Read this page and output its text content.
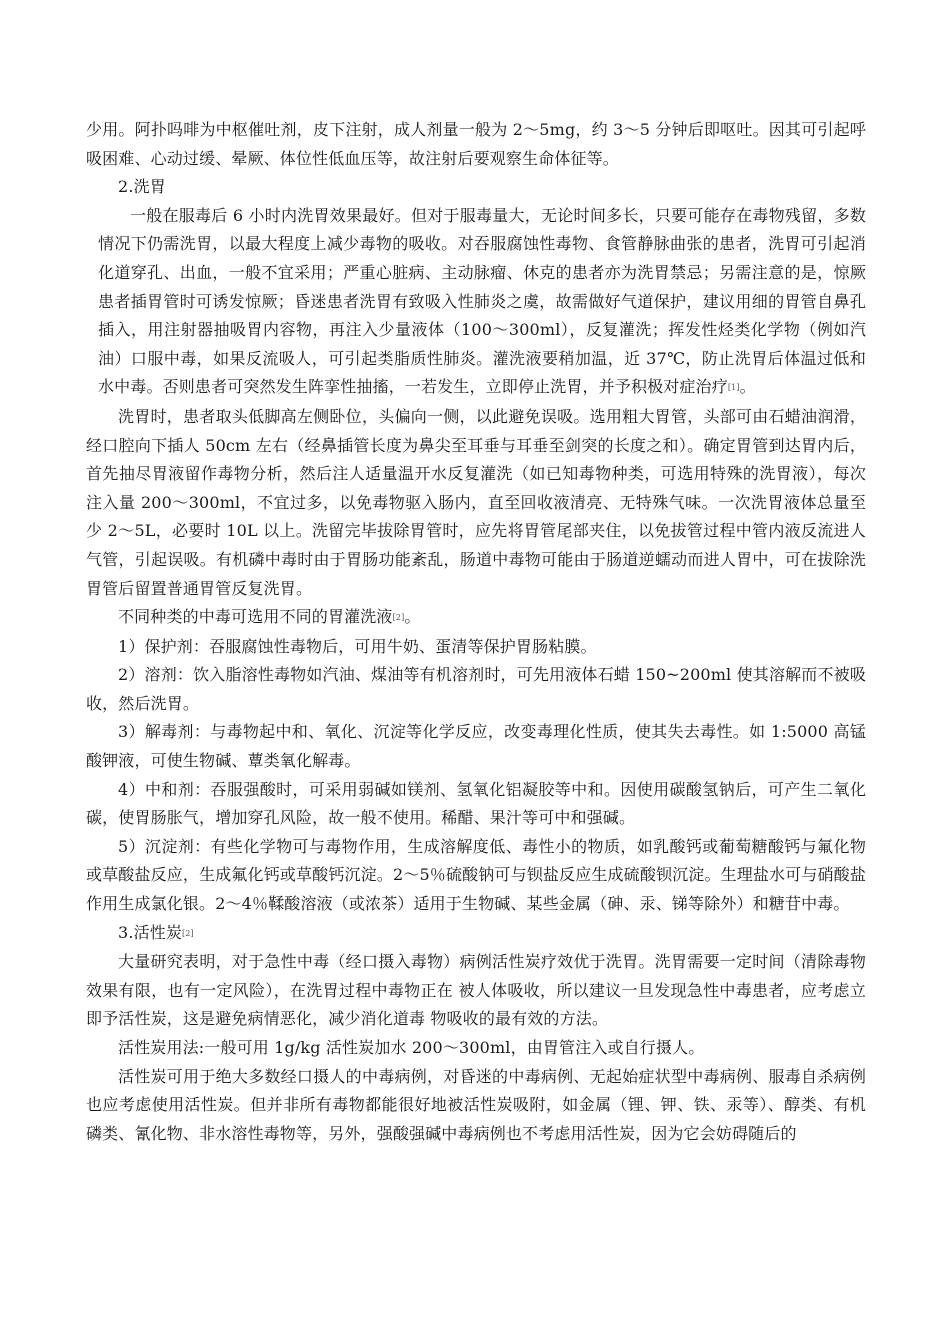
少用。阿扑吗啡为中枢催吐剂，皮下注射，成人剂量一般为 2～5mg，约 3～5 分钟后即呕吐。因其可引起呼吸困难、心动过缓、晕厥、体位性低血压等，故注射后要观察生命体征等。

2.洗胃

一般在服毒后 6 小时内洗胃效果最好。但对于服毒量大，无论时间多长，只要可能存在毒物残留，多数情况下仍需洗胃，以最大程度上减少毒物的吸收。对吞服腐蚀性毒物、食管静脉曲张的患者，洗胃可引起消化道穿孔、出血，一般不宜采用；严重心脏病、主动脉瘤、休克的患者亦为洗胃禁忌；另需注意的是，惊厥患者插胃管时可诱发惊厥；昏迷患者洗胃有致吸入性肺炎之虞，故需做好气道保护，建议用细的胃管自鼻孔插入，用注射器抽吸胃内容物，再注入少量液体（100～300ml），反复灌洗；挥发性烃类化学物（例如汽油）口服中毒，如果反流吸人，可引起类脂质性肺炎。灌洗液要稍加温，近 37℃，防止洗胃后体温过低和水中毒。否则患者可突然发生阵挛性抽搐，一若发生，立即停止洗胃，并予积极对症治疗[1]。

洗胃时，患者取头低脚高左侧卧位，头偏向一侧，以此避免误吸。选用粗大胃管，头部可由石蜡油润滑，经口腔向下插人 50cm 左右（经鼻插管长度为鼻尖至耳垂与耳垂至剑突的长度之和）。确定胃管到达胃内后，首先抽尽胃液留作毒物分析，然后注人适量温开水反复灌洗（如已知毒物种类，可选用特殊的洗胃液），每次注入量 200～300ml，不宜过多，以免毒物驱入肠内，直至回收液清亮、无特殊气味。一次洗胃液体总量至少 2～5L，必要时 10L 以上。洗留完毕拔除胃管时，应先将胃管尾部夹住，以免拔管过程中管内液反流进人气管，引起误吸。有机磷中毒时由于胃肠功能紊乱，肠道中毒物可能由于肠道逆蠕动而进人胃中，可在拔除洗胃管后留置普通胃管反复洗胃。

不同种类的中毒可选用不同的胃灌洗液[2]。

1）保护剂：吞服腐蚀性毒物后，可用牛奶、蛋清等保护胃肠粘膜。

2）溶剂：饮入脂溶性毒物如汽油、煤油等有机溶剂时，可先用液体石蜡 150~200ml 使其溶解而不被吸收，然后洗胃。

3）解毒剂：与毒物起中和、氧化、沉淀等化学反应，改变毒理化性质，使其失去毒性。如 1:5000 高锰酸钾液，可使生物碱、蕈类氧化解毒。

4）中和剂：吞服强酸时，可采用弱碱如镁剂、氢氧化铝凝胶等中和。因使用碳酸氢钠后，可产生二氧化碳，使胃肠胀气，增加穿孔风险，故一般不使用。稀醋、果汁等可中和强碱。

5）沉淀剂：有些化学物可与毒物作用，生成溶解度低、毒性小的物质，如乳酸钙或葡萄糖酸钙与氟化物或草酸盐反应，生成氟化钙或草酸钙沉淀。2～5％硫酸钠可与钡盐反应生成硫酸钡沉淀。生理盐水可与硝酸盐作用生成氯化银。2～4％鞣酸溶液（或浓茶）适用于生物碱、某些金属（砷、汞、锑等除外）和糖苷中毒。

3.活性炭[2]

大量研究表明，对于急性中毒（经口摄入毒物）病例活性炭疗效优于洗胃。洗胃需要一定时间（清除毒物效果有限，也有一定风险），在洗胃过程中毒物正在 被人体吸收，所以建议一旦发现急性中毒患者，应考虑立即予活性炭，这是避免病情恶化，减少消化道毒 物吸收的最有效的方法。

活性炭用法:一般可用 1g/kg 活性炭加水 200～300ml，由胃管注入或自行摄人。

活性炭可用于绝大多数经口摄人的中毒病例，对昏迷的中毒病例、无起始症状型中毒病例、服毒自杀病例也应考虑使用活性炭。但并非所有毒物都能很好地被活性炭吸附，如金属（锂、钾、铁、汞等）、醇类、有机磷类、氰化物、非水溶性毒物等，另外，强酸强碱中毒病例也不考虑用活性炭，因为它会妨碍随后的
